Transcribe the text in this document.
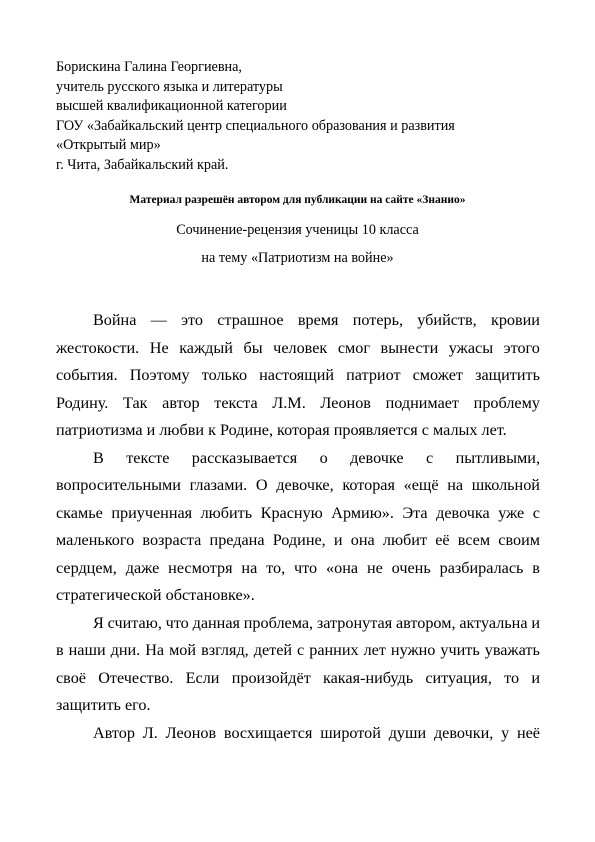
Борискина Галина Георгиевна,
учитель русского языка и литературы
высшей квалификационной категории
ГОУ «Забайкальский центр специального образования и развития
«Открытый мир»
г. Чита, Забайкальский край.
Материал разрешён автором для публикации на сайте «Знанио»
Сочинение-рецензия ученицы 10 класса
на тему «Патриотизм на войне»
Война — это страшное время потерь, убийств, кровии
жестокости. Не каждый бы человек смог вынести ужасы этого
события. Поэтому только настоящий патриот сможет защитить
Родину. Так автор текста Л.М. Леонов поднимает проблему
патриотизма и любви к Родине, которая проявляется с малых лет.
В тексте рассказывается о девочке с пытливыми,
вопросительными глазами. О девочке, которая «ещё на школьной
скамье приученная любить Красную Армию». Эта девочка уже с
маленького возраста предана Родине, и она любит её всем своим
сердцем, даже несмотря на то, что «она не очень разбиралась в
стратегической обстановке».
Я считаю, что данная проблема, затронутая автором, актуальна и
в наши дни. На мой взгляд, детей с ранних лет нужно учить уважать
своё Отечество. Если произойдёт какая-нибудь ситуация, то и
защитить его.
Автор Л. Леонов восхищается широтой души девочки, у неё
